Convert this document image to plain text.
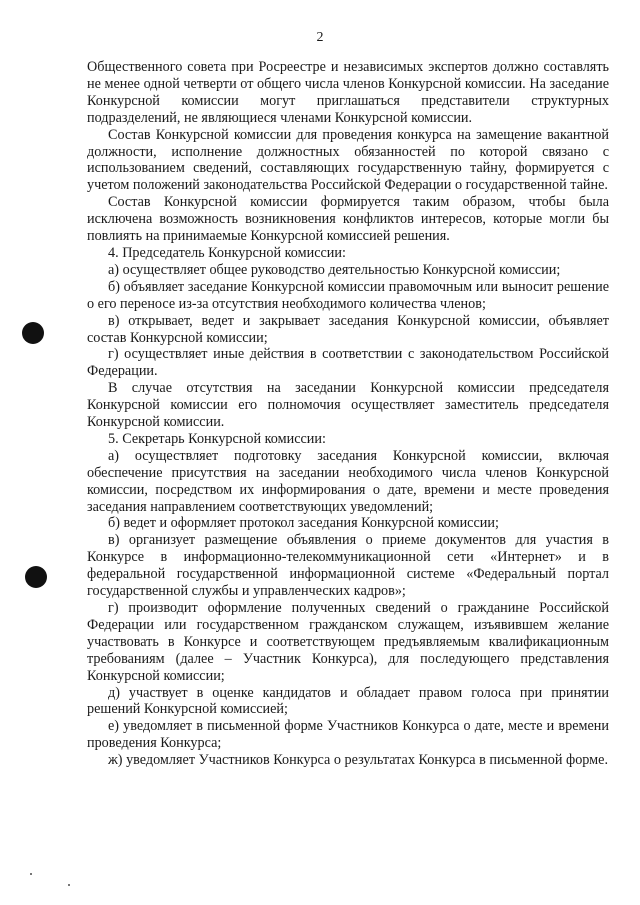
2

Общественного совета при Росреестре и независимых экспертов должно составлять не менее одной четверти от общего числа членов Конкурсной комиссии. На заседание Конкурсной комиссии могут приглашаться представители структурных подразделений, не являющиеся членами Конкурсной комиссии.

Состав Конкурсной комиссии для проведения конкурса на замещение вакантной должности, исполнение должностных обязанностей по которой связано с использованием сведений, составляющих государственную тайну, формируется с учетом положений законодательства Российской Федерации о государственной тайне.

Состав Конкурсной комиссии формируется таким образом, чтобы была исключена возможность возникновения конфликтов интересов, которые могли бы повлиять на принимаемые Конкурсной комиссией решения.

4. Председатель Конкурсной комиссии:

а) осуществляет общее руководство деятельностью Конкурсной комиссии;

б) объявляет заседание Конкурсной комиссии правомочным или выносит решение о его переносе из-за отсутствия необходимого количества членов;

в) открывает, ведет и закрывает заседания Конкурсной комиссии, объявляет состав Конкурсной комиссии;

г) осуществляет иные действия в соответствии с законодательством Российской Федерации.

В случае отсутствия на заседании Конкурсной комиссии председателя Конкурсной комиссии его полномочия осуществляет заместитель председателя Конкурсной комиссии.

5. Секретарь Конкурсной комиссии:

а) осуществляет подготовку заседания Конкурсной комиссии, включая обеспечение присутствия на заседании необходимого числа членов Конкурсной комиссии, посредством их информирования о дате, времени и месте проведения заседания направлением соответствующих уведомлений;

б) ведет и оформляет протокол заседания Конкурсной комиссии;

в) организует размещение объявления о приеме документов для участия в Конкурсе в информационно-телекоммуникационной сети «Интернет» и в федеральной государственной информационной системе «Федеральный портал государственной службы и управленческих кадров»;

г) производит оформление полученных сведений о гражданине Российской Федерации или государственном гражданском служащем, изъявившем желание участвовать в Конкурсе и соответствующем предъявляемым квалификационным требованиям (далее – Участник Конкурса), для последующего представления Конкурсной комиссии;

д) участвует в оценке кандидатов и обладает правом голоса при принятии решений Конкурсной комиссией;

е) уведомляет в письменной форме Участников Конкурса о дате, месте и времени проведения Конкурса;

ж) уведомляет Участников Конкурса о результатах Конкурса в письменной форме.
